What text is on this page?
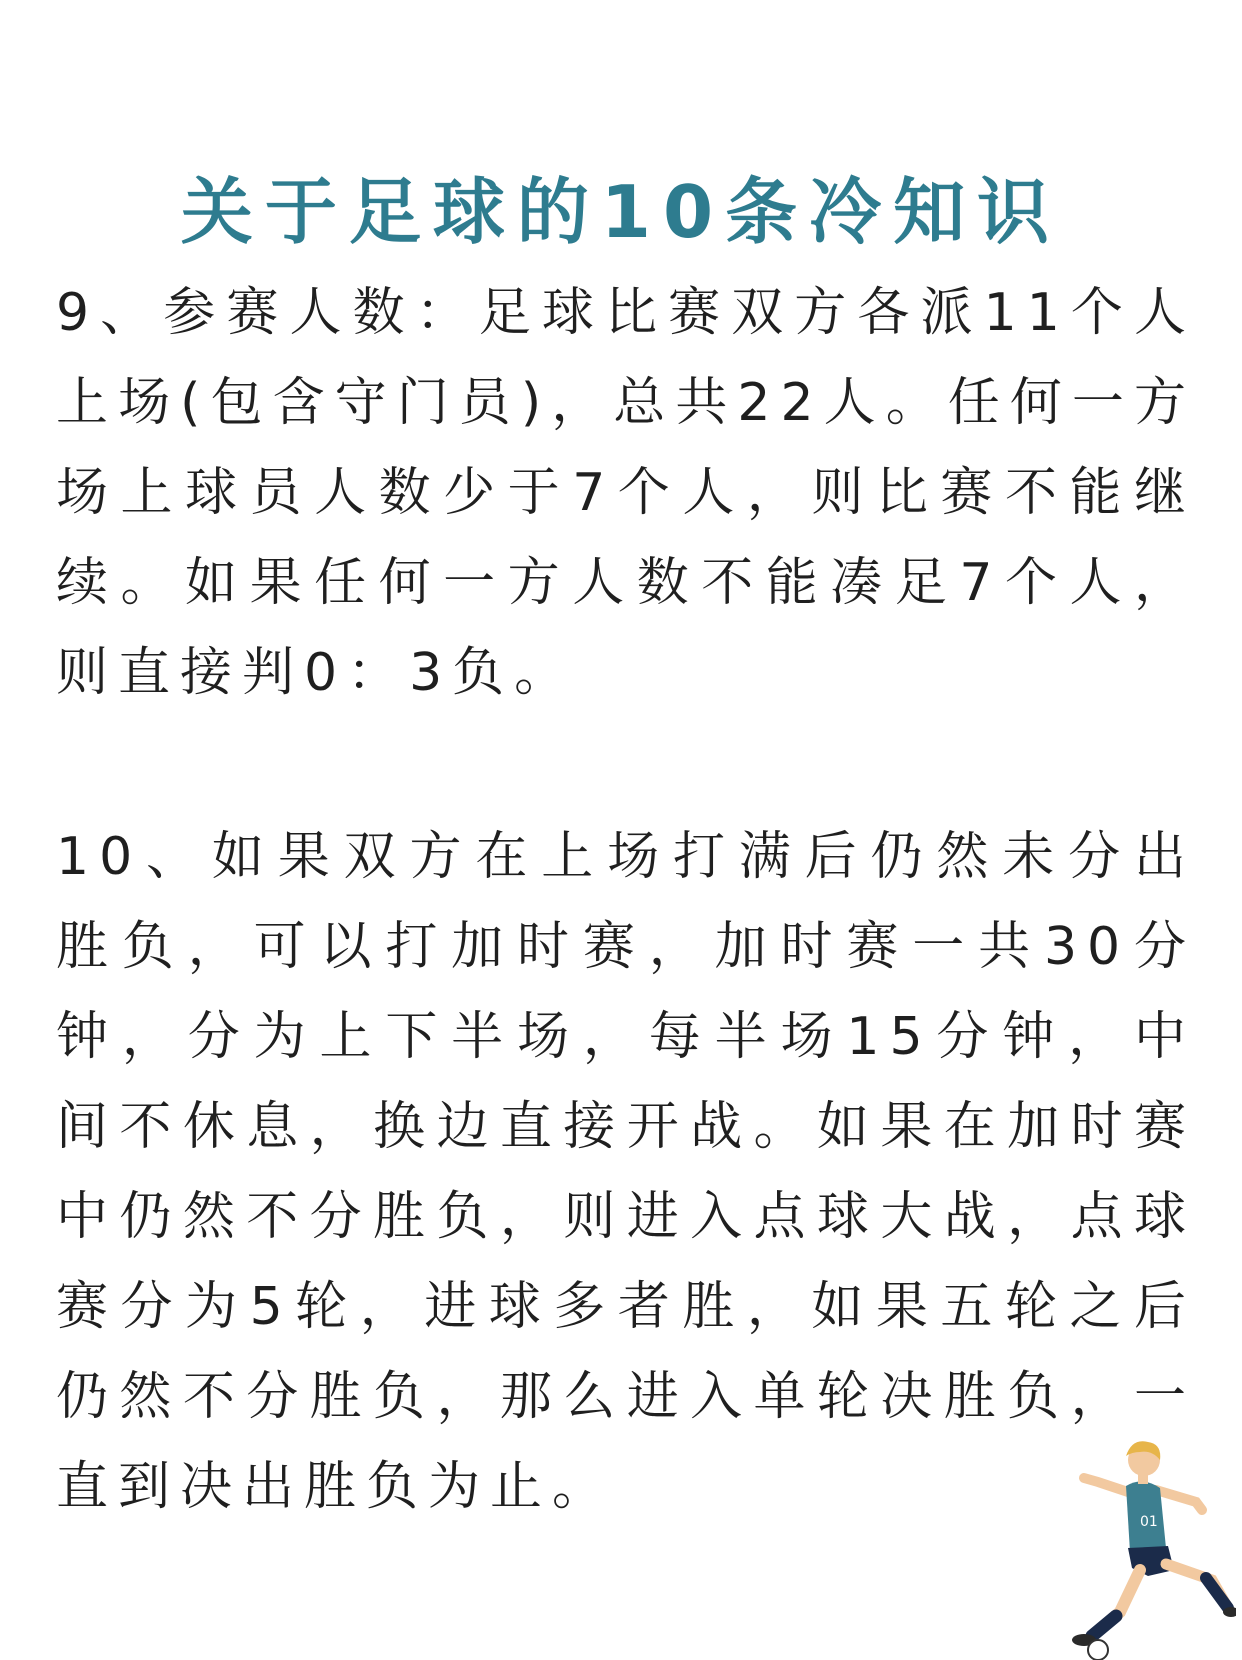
关于足球的10条冷知识

9、参赛人数：足球比赛双方各派11个人上场(包含守门员)，总共22人。任何一方场上球员人数少于7个人，则比赛不能继续。如果任何一方人数不能凑足7个人，则直接判0：3负。

10、如果双方在上场打满后仍然未分出胜负，可以打加时赛，加时赛一共30分钟，分为上下半场，每半场15分钟，中间不休息，换边直接开战。如果在加时赛中仍然不分胜负，则进入点球大战，点球赛分为5轮，进球多者胜，如果五轮之后仍然不分胜负，那么进入单轮决胜负，一直到决出胜负为止。

01
